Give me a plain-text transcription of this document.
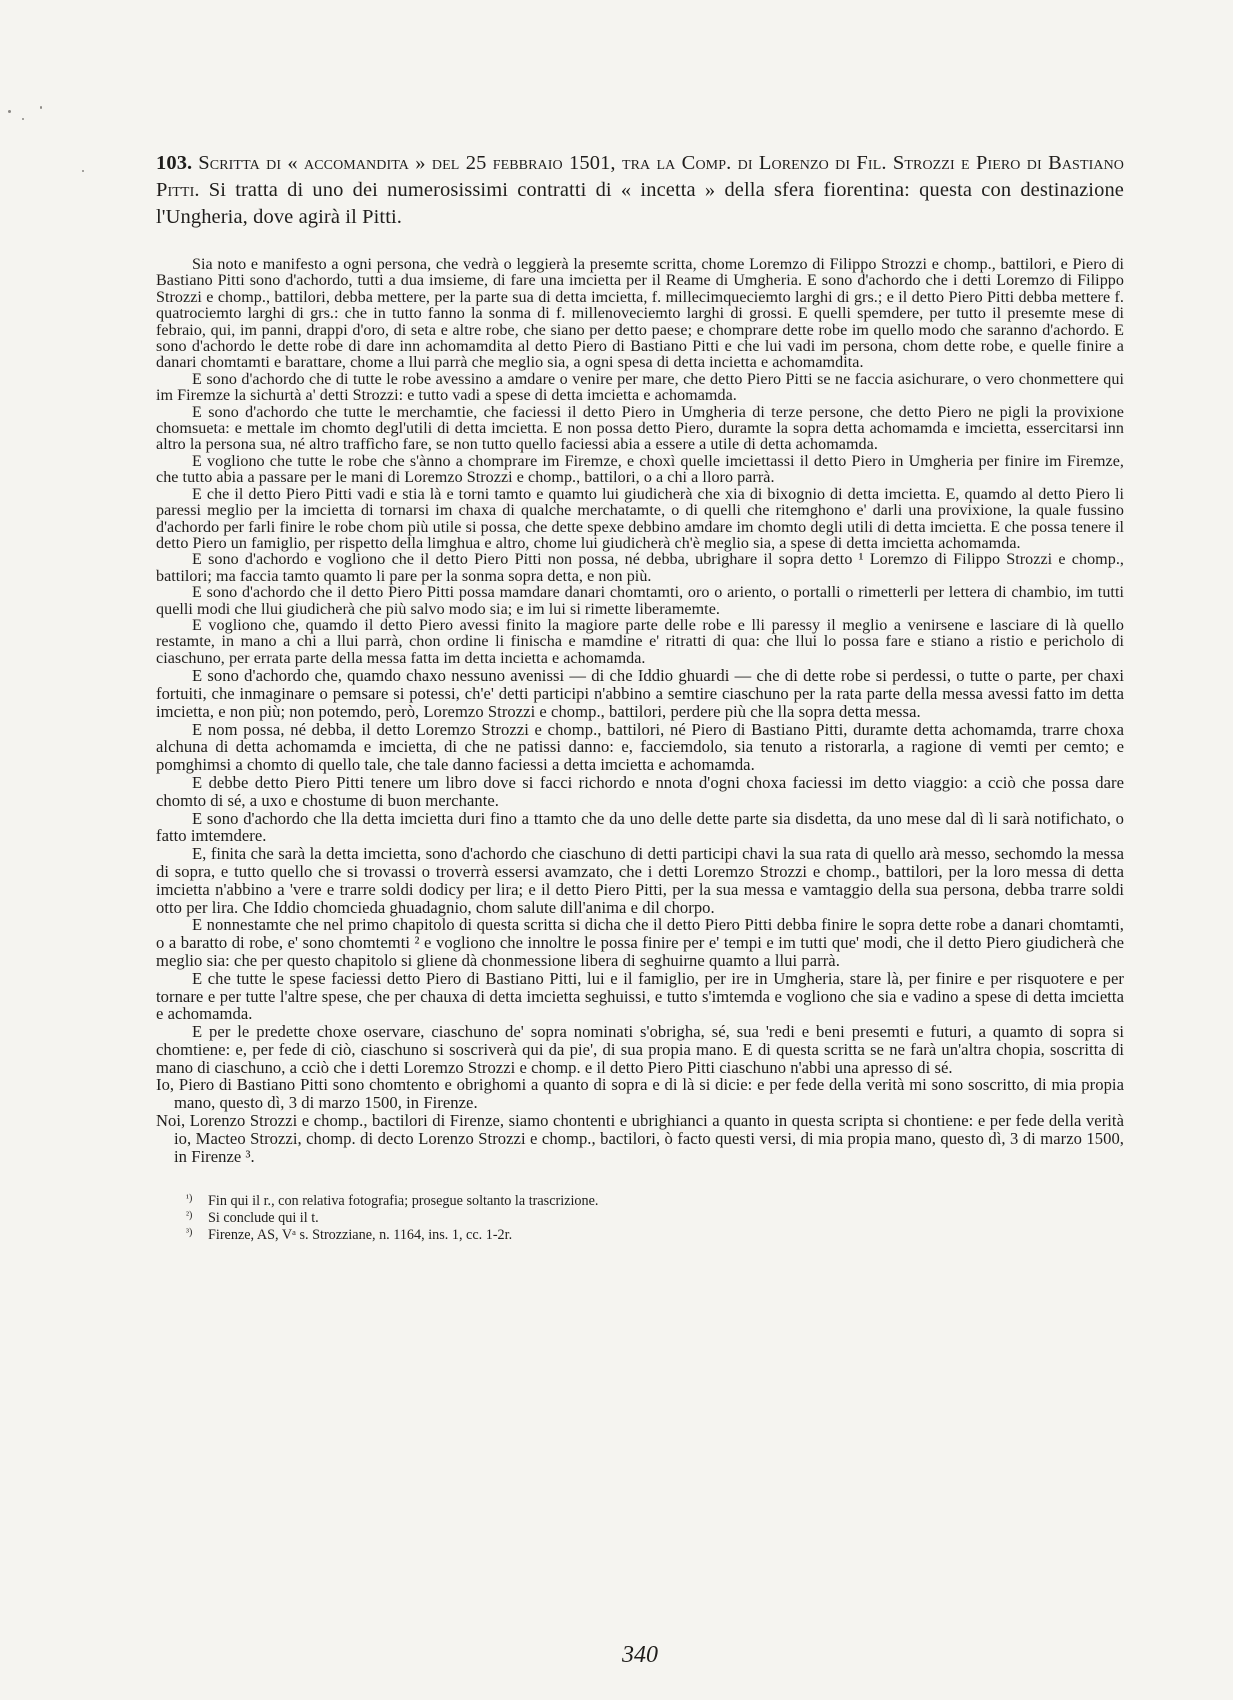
103. Scritta di « accomandita » del 25 febbraio 1501, tra la Comp. di Lorenzo di Fil. Strozzi e Piero di Bastiano Pitti. Si tratta di uno dei numerosissimi contratti di « incetta » della sfera fiorentina: questa con destinazione l'Ungheria, dove agirà il Pitti.

Sia noto e manifesto a ogni persona, che vedrà o leggierà la presemte scritta, chome Loremzo di Filippo Strozzi e chomp., battilori, e Piero di Bastiano Pitti sono d'achordo, tutti a dua imsieme, di fare una imcietta per il Reame di Umgheria. E sono d'achordo che i detti Loremzo di Filippo Strozzi e chomp., battilori, debba mettere, per la parte sua di detta imcietta, f. millecimqueciemto larghi di grs.; e il detto Piero Pitti debba mettere f. quatrociemto larghi di grs.: che in tutto fanno la sonma di f. millenoveciemto larghi di grossi. E quelli spemdere, per tutto il presemte mese di febraio, qui, im panni, drappi d'oro, di seta e altre robe, che siano per detto paese; e chomprare dette robe im quello modo che saranno d'achordo. E sono d'achordo le dette robe di dare inn achomamdita al detto Piero di Bastiano Pitti e che lui vadi im persona, chom dette robe, e quelle finire a danari chomtamti e barattare, chome a llui parrà che meglio sia, a ogni spesa di detta incietta e achomamdita.

E sono d'achordo che di tutte le robe avessino a amdare o venire per mare, che detto Piero Pitti se ne faccia asichurare, o vero chonmettere qui im Firemze la sichurtà a' detti Strozzi: e tutto vadi a spese di detta imcietta e achomamda.

E sono d'achordo che tutte le merchamtie, che faciessi il detto Piero in Umgheria di terze persone, che detto Piero ne pigli la provixione chomsueta: e mettale im chomto degl'utili di detta imcietta. E non possa detto Piero, duramte la sopra detta achomamda e imcietta, essercitarsi inn altro la persona sua, né altro traffìcho fare, se non tutto quello faciessi abia a essere a utile di detta achomamda.

E vogliono che tutte le robe che s'ànno a chomprare im Firemze, e choxì quelle imciettassi il detto Piero in Umgheria per finire im Firemze, che tutto abia a passare per le mani di Loremzo Strozzi e chomp., battilori, o a chi a lloro parrà.

E che il detto Piero Pitti vadi e stia là e torni tamto e quamto lui giudicherà che xia di bixognio di detta imcietta. E, quamdo al detto Piero li paressi meglio per la imcietta di tornarsi im chaxa di qualche merchatamte, o di quelli che ritemghono e' darli una provixione, la quale fussino d'achordo per farli finire le robe chom più utile si possa, che dette spexe debbino amdare im chomto degli utili di detta imcietta. E che possa tenere il detto Piero un famiglio, per rispetto della limghua e altro, chome lui giudicherà ch'è meglio sia, a spese di detta imcietta achomamda.

E sono d'achordo e vogliono che il detto Piero Pitti non possa, né debba, ubrighare il sopra detto ¹ Loremzo di Filippo Strozzi e chomp., battilori; ma faccia tamto quamto li pare per la sonma sopra detta, e non più.

E sono d'achordo che il detto Piero Pitti possa mamdare danari chomtamti, oro o ariento, o portalli o rimetterli per lettera di chambio, im tutti quelli modi che llui giudicherà che più salvo modo sia; e im lui si rimette liberamemte.

E vogliono che, quamdo il detto Piero avessi finito la magiore parte delle robe e lli paressy il meglio a venirsene e lasciare di là quello restamte, in mano a chi a llui parrà, chon ordine li finischa e mamdine e' ritratti di qua: che llui lo possa fare e stiano a ristio e pericholo di ciaschuno, per errata parte della messa fatta im detta incietta e achomamda.

E sono d'achordo che, quamdo chaxo nessuno avenissi — di che Iddio ghuardi — che di dette robe si perdessi, o tutte o parte, per chaxi fortuiti, che inmaginare o pemsare si potessi, ch'e' detti participi n'abbino a semtire ciaschuno per la rata parte della messa avessi fatto im detta imcietta, e non più; non potemdo, però, Loremzo Strozzi e chomp., battilori, perdere più che lla sopra detta messa.

E nom possa, né debba, il detto Loremzo Strozzi e chomp., battilori, né Piero di Bastiano Pitti, duramte detta achomamda, trarre choxa alchuna di detta achomamda e imcietta, di che ne patissi danno: e, facciemdolo, sia tenuto a ristorarla, a ragione di vemti per cemto; e pomghimsi a chomto di quello tale, che tale danno faciessi a detta imcietta e achomamda.

E debbe detto Piero Pitti tenere um libro dove si facci richordo e nnota d'ogni choxa faciessi im detto viaggio: a cciò che possa dare chomto di sé, a uxo e chostume di buon merchante.

E sono d'achordo che lla detta imcietta duri fino a ttamto che da uno delle dette parte sia disdetta, da uno mese dal dì li sarà notifichato, o fatto imtemdere.

E, finita che sarà la detta imcietta, sono d'achordo che ciaschuno di detti participi chavi la sua rata di quello arà messo, sechomdo la messa di sopra, e tutto quello che si trovassi o troverrà essersi avamzato, che i detti Loremzo Strozzi e chomp., battilori, per la loro messa di detta imcietta n'abbino a 'vere e trarre soldi dodicy per lira; e il detto Piero Pitti, per la sua messa e vamtaggio della sua persona, debba trarre soldi otto per lira. Che Iddio chomcieda ghuadagnio, chom salute dill'anima e dil chorpo.

E nonnestamte che nel primo chapitolo di questa scritta si dicha che il detto Piero Pitti debba finire le sopra dette robe a danari chomtamti, o a baratto di robe, e' sono chomtemti ² e vogliono che innoltre le possa finire per e' tempi e im tutti que' modi, che il detto Piero giudicherà che meglio sia: che per questo chapitolo si gliene dà chonmessione libera di seghuirne quamto a llui parrà.

E che tutte le spese faciessi detto Piero di Bastiano Pitti, lui e il famiglio, per ire in Umgheria, stare là, per finire e per risquotere e per tornare e per tutte l'altre spese, che per chauxa di detta imcietta seghuissi, e tutto s'imtemda e vogliono che sia e vadino a spese di detta imcietta e achomamda.

E per le predette choxe oservare, ciaschuno de' sopra nominati s'obrigha, sé, sua 'redi e beni presemti e futuri, a quamto di sopra si chomtiene: e, per fede di ciò, ciaschuno si soscriverà qui da pie', di sua propia mano. E di questa scritta se ne farà un'altra chopia, soscritta di mano di ciaschuno, a cciò che i detti Loremzo Strozzi e chomp. e il detto Piero Pitti ciaschuno n'abbi una apresso di sé.

Io, Piero di Bastiano Pitti sono chomtento e obrighomi a quanto di sopra e di là si dicie: e per fede della verità mi sono soscritto, di mia propia mano, questo dì, 3 di marzo 1500, in Firenze.

Noi, Lorenzo Strozzi e chomp., bactilori di Firenze, siamo chontenti e ubrighianci a quanto in questa scripta si chontiene: e per fede della verità io, Macteo Strozzi, chomp. di decto Lorenzo Strozzi e chomp., bactilori, ò facto questi versi, di mia propia mano, questo dì, 3 di marzo 1500, in Firenze ³.

¹)	Fin qui il r., con relativa fotografia; prosegue soltanto la trascrizione.
²)	Si conclude qui il t.
³)	Firenze, AS, Vᵃ s. Strozziane, n. 1164, ins. 1, cc. 1-2r.
340
